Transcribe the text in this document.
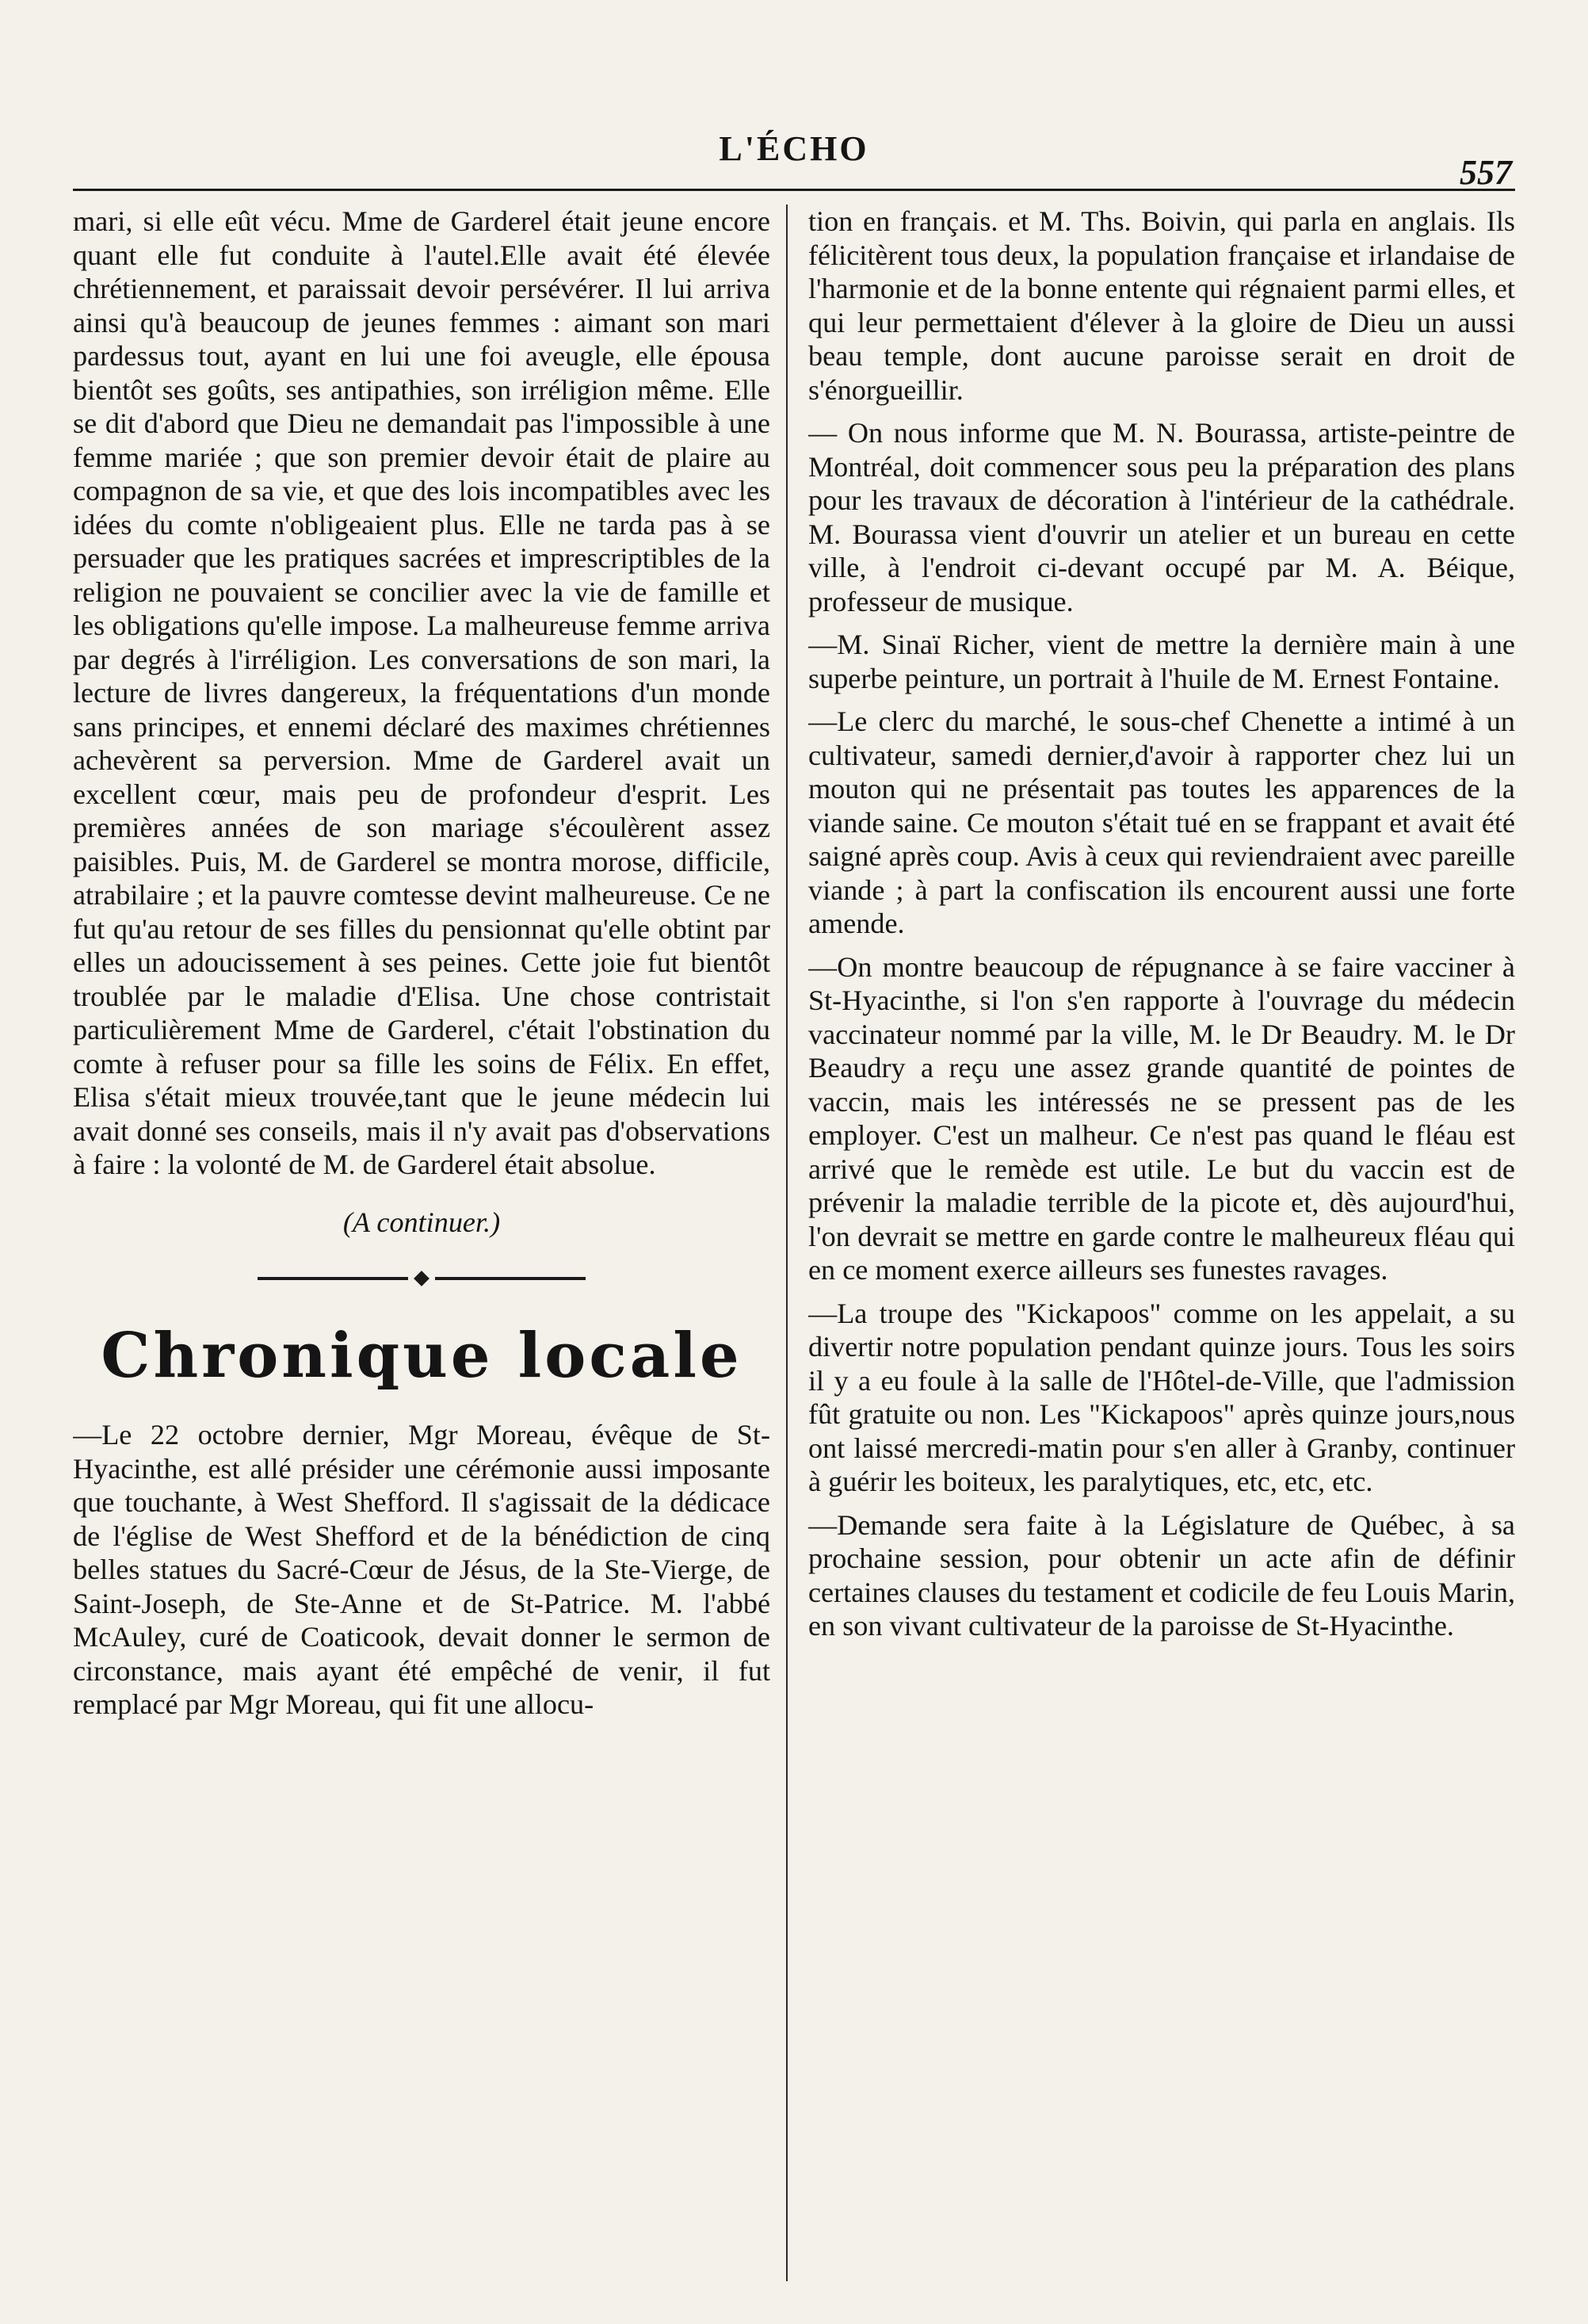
L'ÉCHO
557

mari, si elle eût vécu. Mme de Garderel était jeune encore quant elle fut conduite à l'autel.Elle avait été élevée chrétiennement, et paraissait devoir persévérer. Il lui arriva ainsi qu'à beaucoup de jeunes femmes : aimant son mari pardessus tout, ayant en lui une foi aveugle, elle épousa bientôt ses goûts, ses antipathies, son irréligion même. Elle se dit d'abord que Dieu ne demandait pas l'impossible à une femme mariée ; que son premier devoir était de plaire au compagnon de sa vie, et que des lois incompatibles avec les idées du comte n'obligeaient plus. Elle ne tarda pas à se persuader que les pratiques sacrées et imprescriptibles de la religion ne pouvaient se concilier avec la vie de famille et les obligations qu'elle impose. La malheureuse femme arriva par degrés à l'irréligion. Les conversations de son mari, la lecture de livres dangereux, la fréquentations d'un monde sans principes, et ennemi déclaré des maximes chrétiennes achevèrent sa perversion. Mme de Garderel avait un excellent cœur, mais peu de profondeur d'esprit. Les premières années de son mariage s'écoulèrent assez paisibles. Puis, M. de Garderel se montra morose, difficile, atrabilaire ; et la pauvre comtesse devint malheureuse. Ce ne fut qu'au retour de ses filles du pensionnat qu'elle obtint par elles un adoucissement à ses peines. Cette joie fut bientôt troublée par le maladie d'Elisa. Une chose contristait particulièrement Mme de Garderel, c'était l'obstination du comte à refuser pour sa fille les soins de Félix. En effet, Elisa s'était mieux trouvée,tant que le jeune médecin lui avait donné ses conseils, mais il n'y avait pas d'observations à faire : la volonté de M. de Garderel était absolue.

(A continuer.)

Chronique locale

—Le 22 octobre dernier, Mgr Moreau, évêque de St-Hyacinthe, est allé présider une cérémonie aussi imposante que touchante, à West Shefford. Il s'agissait de la dédicace de l'église de West Shefford et de la bénédiction de cinq belles statues du Sacré-Cœur de Jésus, de la Ste-Vierge, de Saint-Joseph, de Ste-Anne et de St-Patrice. M. l'abbé McAuley, curé de Coaticook, devait donner le sermon de circonstance, mais ayant été empêché de venir, il fut remplacé par Mgr Moreau, qui fit une allocu-

tion en français. et M. Ths. Boivin, qui parla en anglais. Ils félicitèrent tous deux, la population française et irlandaise de l'harmonie et de la bonne entente qui régnaient parmi elles, et qui leur permettaient d'élever à la gloire de Dieu un aussi beau temple, dont aucune paroisse serait en droit de s'énorgueillir.

— On nous informe que M. N. Bourassa, artiste-peintre de Montréal, doit commencer sous peu la préparation des plans pour les travaux de décoration à l'intérieur de la cathédrale. M. Bourassa vient d'ouvrir un atelier et un bureau en cette ville, à l'endroit ci-devant occupé par M. A. Béique, professeur de musique.

—M. Sinaï Richer, vient de mettre la dernière main à une superbe peinture, un portrait à l'huile de M. Ernest Fontaine.

—Le clerc du marché, le sous-chef Chenette a intimé à un cultivateur, samedi dernier,d'avoir à rapporter chez lui un mouton qui ne présentait pas toutes les apparences de la viande saine. Ce mouton s'était tué en se frappant et avait été saigné après coup. Avis à ceux qui reviendraient avec pareille viande ; à part la confiscation ils encourent aussi une forte amende.

—On montre beaucoup de répugnance à se faire vacciner à St-Hyacinthe, si l'on s'en rapporte à l'ouvrage du médecin vaccinateur nommé par la ville, M. le Dr Beaudry. M. le Dr Beaudry a reçu une assez grande quantité de pointes de vaccin, mais les intéressés ne se pressent pas de les employer. C'est un malheur. Ce n'est pas quand le fléau est arrivé que le remède est utile. Le but du vaccin est de prévenir la maladie terrible de la picote et, dès aujourd'hui, l'on devrait se mettre en garde contre le malheureux fléau qui en ce moment exerce ailleurs ses funestes ravages.

—La troupe des "Kickapoos" comme on les appelait, a su divertir notre population pendant quinze jours. Tous les soirs il y a eu foule à la salle de l'Hôtel-de-Ville, que l'admission fût gratuite ou non. Les "Kickapoos" après quinze jours,nous ont laissé mercredi-matin pour s'en aller à Granby, continuer à guérir les boiteux, les paralytiques, etc, etc, etc.

—Demande sera faite à la Législature de Québec, à sa prochaine session, pour obtenir un acte afin de définir certaines clauses du testament et codicile de feu Louis Marin, en son vivant cultivateur de la paroisse de St-Hyacinthe.
